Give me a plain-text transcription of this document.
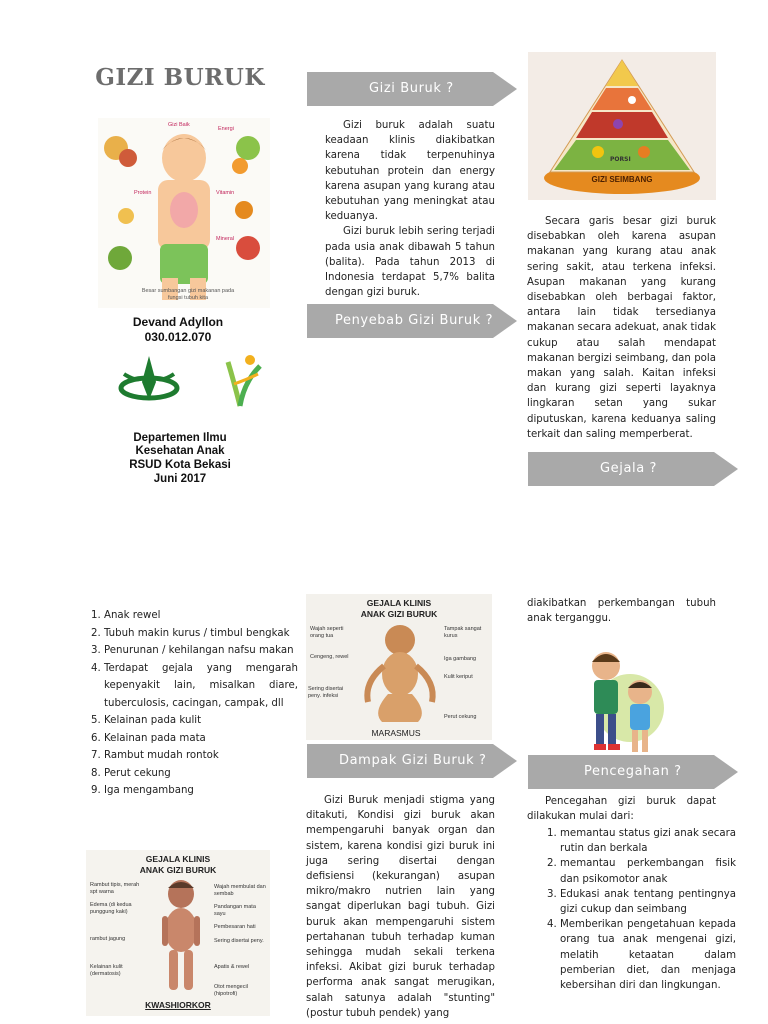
GIZI BURUK
Gizi Baik
Energi
Protein	Vitamin
Mineral
Besar sumbangan gizi makanan pada fungsi tubuh kita
Devand Adyllon
030.012.070
Departemen Ilmu
Kesehatan Anak
RSUD Kota Bekasi
Juni 2017
Gizi Buruk ?

Gizi buruk adalah suatu keadaan klinis diakibatkan karena tidak terpenuhinya kebutuhan protein dan energy karena asupan yang kurang atau kebutuhan yang meningkat atau keduanya.

Gizi buruk lebih sering terjadi pada usia anak dibawah 5 tahun (balita). Pada tahun 2013 di Indonesia terdapat 5,7% balita dengan gizi buruk.

Penyebab Gizi Buruk ?
PORSI
GIZI SEIMBANG

Secara garis besar gizi buruk disebabkan oleh karena asupan makanan yang kurang atau anak sering sakit, atau terkena infeksi. Asupan makanan yang kurang disebabkan oleh berbagai faktor, antara lain tidak tersedianya makanan secara adekuat, anak tidak cukup atau salah mendapat makanan bergizi seimbang, dan pola makan yang salah. Kaitan infeksi dan kurang gizi seperti layaknya lingkaran setan yang sukar diputuskan, karena keduanya saling terkait dan saling memperberat.

Gejala ?
1. Anak rewel
2. Tubuh makin kurus / timbul bengkak
3. Penurunan / kehilangan nafsu makan
4. Terdapat gejala yang mengarah kepenyakit lain, misalkan diare, tuberculosis, cacingan, campak, dll
5. Kelainan pada kulit
6. Kelainan pada mata
7. Rambut mudah rontok
8. Perut cekung
9. Iga mengambang
GEJALA KLINIS
ANAK GIZI BURUK
Rambut tipis, merah spt warna
Edema (di kedua punggung kaki)
rambut jagung
Kelainan kulit (dermatosis)
Wajah membulat dan sembab
Pandangan mata sayu
Pembesaran hati
Sering disertai peny.
Apatis & rewel
Otot mengecil (hipotrofi)
KWASHIORKOR
GEJALA KLINIS
ANAK GIZI BURUK
Wajah seperti orang tua
Cengeng, rewel
Sering disertai peny. infeksi
Tampak sangat kurus
Iga gambang
Kulit keriput
Perut cekung
MARASMUS
Dampak Gizi Buruk ?

Gizi Buruk menjadi stigma yang ditakuti, Kondisi gizi buruk akan mempengaruhi banyak organ dan sistem, karena kondisi gizi buruk ini juga sering disertai dengan defisiensi (kekurangan) asupan mikro/makro nutrien lain yang sangat diperlukan bagi tubuh. Gizi buruk akan mempengaruhi sistem pertahanan tubuh terhadap kuman sehingga mudah sekali terkena infeksi. Akibat gizi buruk terhadap performa anak sangat merugikan, salah satunya adalah "stunting" (postur tubuh pendek) yang

diakibatkan perkembangan tubuh anak terganggu.

Pencegahan ?

Pencegahan gizi buruk dapat dilakukan mulai dari:

1. memantau status gizi anak secara rutin dan berkala
2. memantau perkembangan fisik dan psikomotor anak
3. Edukasi anak tentang pentingnya gizi cukup dan seimbang
4. Memberikan pengetahuan kepada orang tua anak mengenai gizi, melatih ketaatan dalam pemberian diet, dan menjaga kebersihan diri dan lingkungan.
